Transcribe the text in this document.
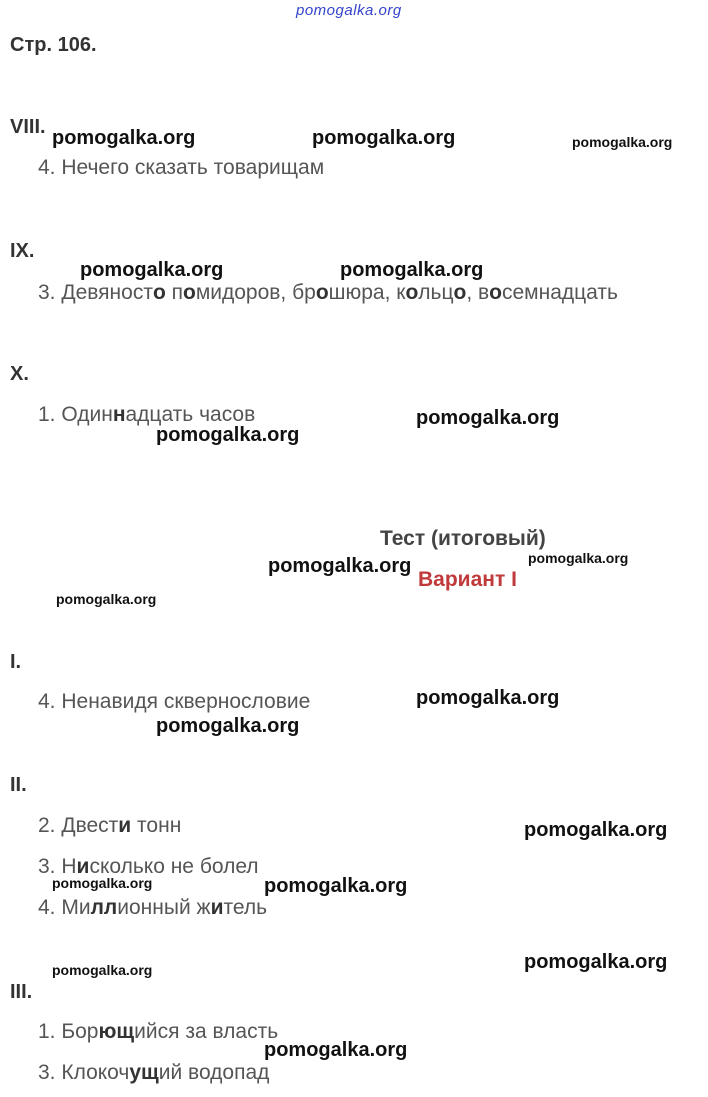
pomogalka.org
Стр. 106.
VIII.
4. Нечего сказать товарищам
IX.
3. Девяносто помидоров, брошюра, кольцо, восемнадцать
X.
1. Одиннадцать часов
Тест (итоговый)
Вариант I
I.
4. Ненавидя сквернословие
II.
2. Двести тонн
3. Нисколько не болел
4. Миллионный житель
III.
1. Борющийся за власть
3. Клокочущий водопад
pomogalka.org	pomogalka.org	pomogalka.org
pomogalka.org	pomogalka.org
pomogalka.org
pomogalka.org
pomogalka.org
pomogalka.org
pomogalka.org
pomogalka.org
pomogalka.org
pomogalka.org
pomogalka.org	pomogalka.org
pomogalka.org
pomogalka.org
pomogalka.org
